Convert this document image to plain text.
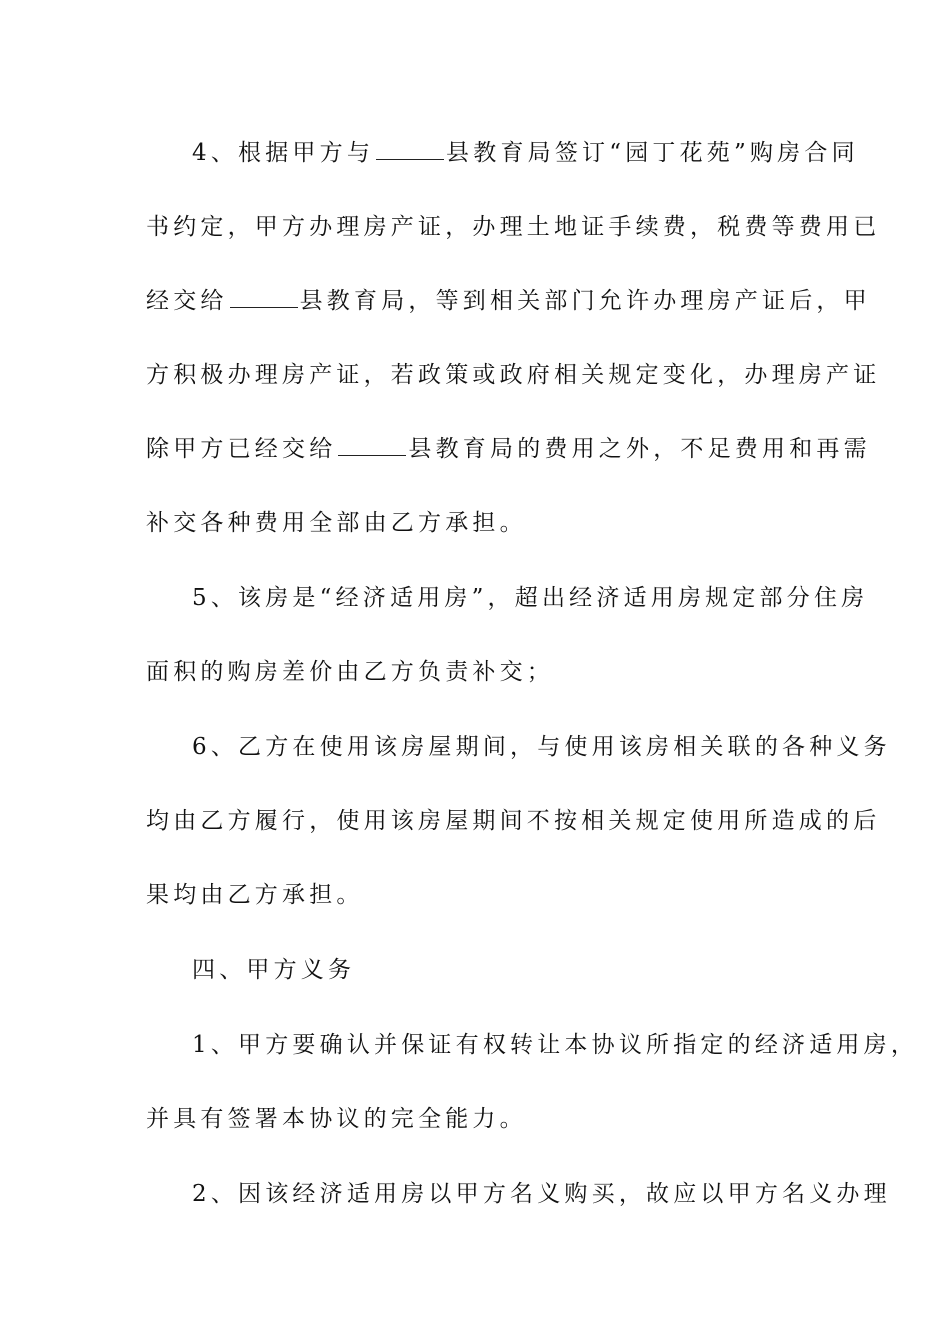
4、根据甲方与	县教育局签订“园丁花苑”购房合同
书约定，甲方办理房产证，办理土地证手续费，税费等费用已
经交给	县教育局，等到相关部门允许办理房产证后，甲
方积极办理房产证，若政策或政府相关规定变化，办理房产证
除甲方已经交给	县教育局的费用之外，不足费用和再需
补交各种费用全部由乙方承担。
5、该房是“经济适用房”，超出经济适用房规定部分住房
面积的购房差价由乙方负责补交；
6、乙方在使用该房屋期间，与使用该房相关联的各种义务
均由乙方履行，使用该房屋期间不按相关规定使用所造成的后
果均由乙方承担。
四、甲方义务
1、甲方要确认并保证有权转让本协议所指定的经济适用房，
并具有签署本协议的完全能力。
2、因该经济适用房以甲方名义购买，故应以甲方名义办理
